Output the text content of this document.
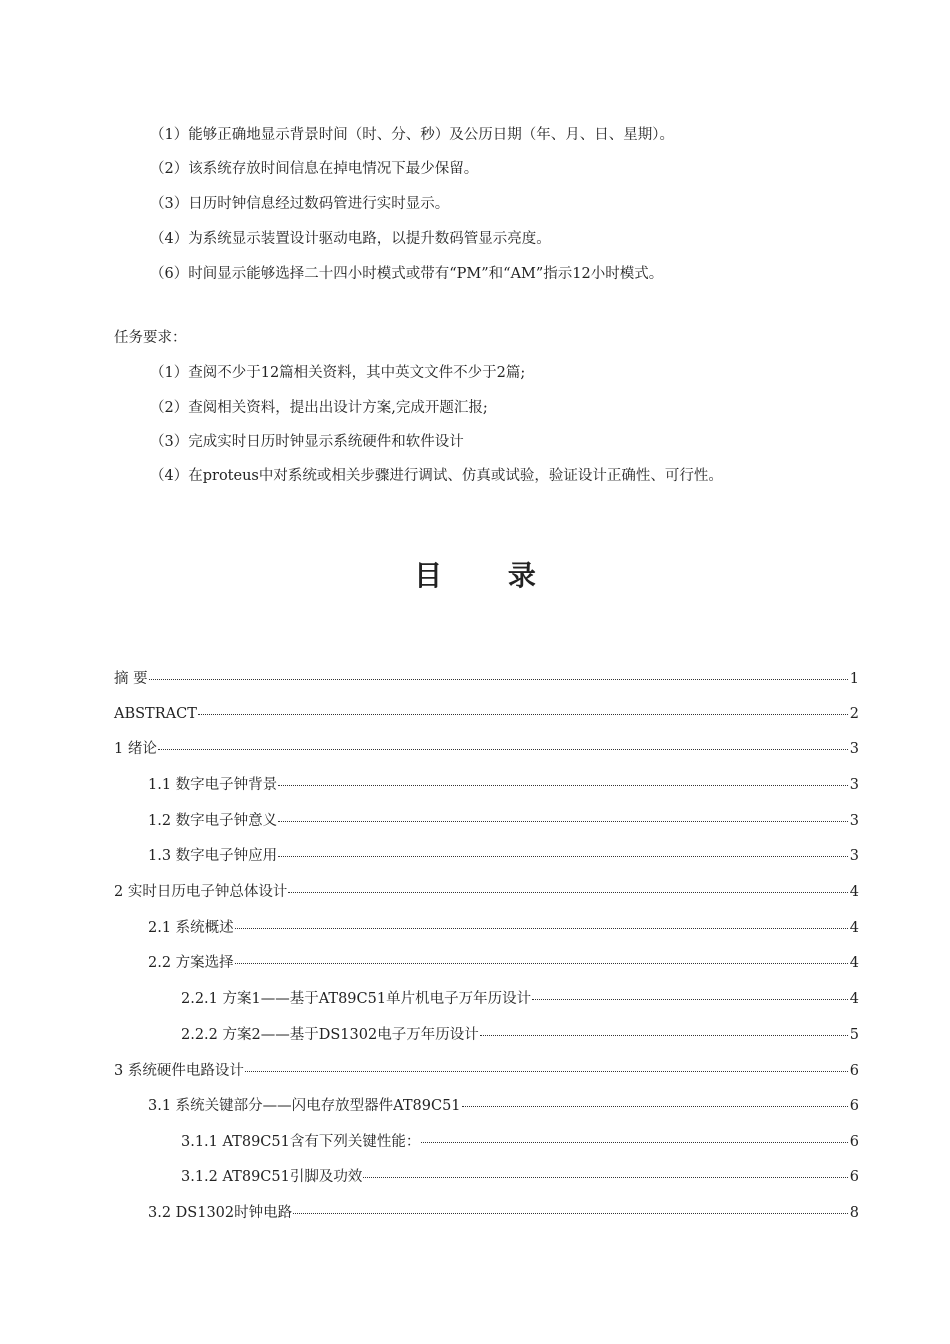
（1）能够正确地显示背景时间（时、分、秒）及公历日期（年、月、日、星期）。
（2）该系统存放时间信息在掉电情况下最少保留。
（3）日历时钟信息经过数码管进行实时显示。
（4）为系统显示装置设计驱动电路，以提升数码管显示亮度。
（6）时间显示能够选择二十四小时模式或带有“PM”和“AM”指示12小时模式。
任务要求：
（1）查阅不少于12篇相关资料，其中英文文件不少于2篇;
（2）查阅相关资料，提出出设计方案,完成开题汇报;
（3）完成实时日历时钟显示系统硬件和软件设计
（4）在proteus中对系统或相关步骤进行调试、仿真或试验，验证设计正确性、可行性。
目 录
摘 要	1
ABSTRACT	2
1 绪论	3
1.1 数字电子钟背景	3
1.2 数字电子钟意义	3
1.3 数字电子钟应用	3
2 实时日历电子钟总体设计	4
2.1 系统概述	4
2.2 方案选择	4
2.2.1 方案1——基于AT89C51单片机电子万年历设计	4
2.2.2 方案2——基于DS1302电子万年历设计	5
3 系统硬件电路设计	6
3.1 系统关键部分——闪电存放型器件AT89C51	6
3.1.1 AT89C51含有下列关键性能：	6
3.1.2 AT89C51引脚及功效	6
3.2 DS1302时钟电路	8
